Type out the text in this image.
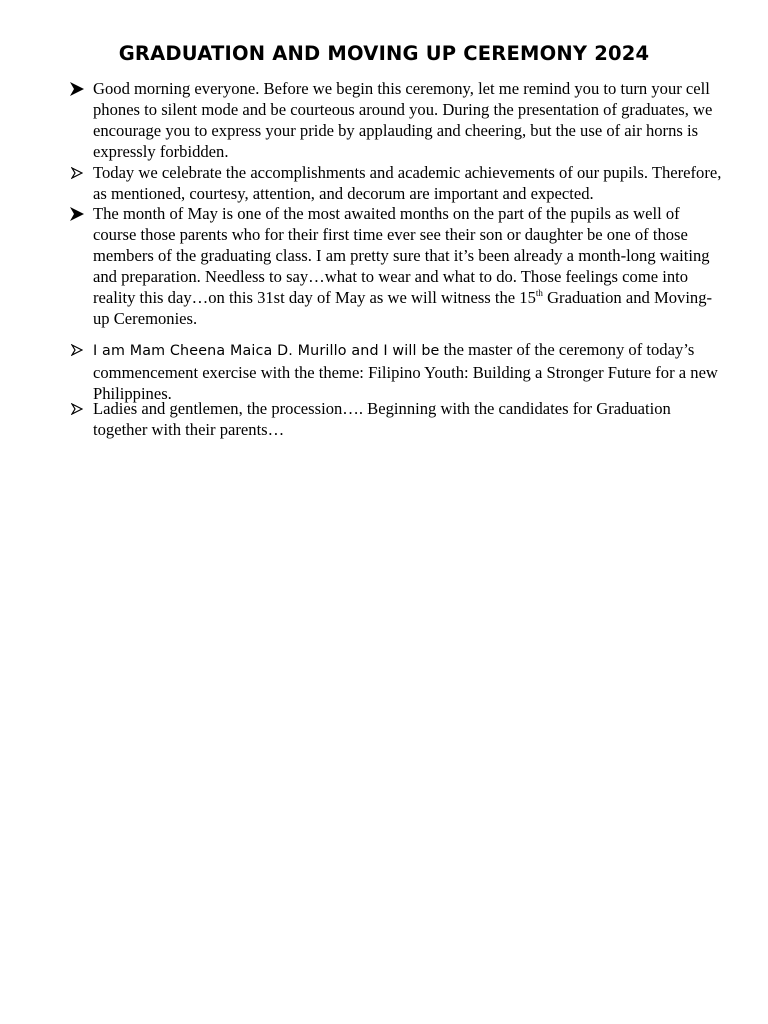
GRADUATION AND MOVING UP CEREMONY 2024
Good morning everyone. Before we begin this ceremony, let me remind you to turn your cell phones to silent mode and be courteous around you. During the presentation of graduates, we encourage you to express your pride by applauding and cheering, but the use of air horns is expressly forbidden.
Today we celebrate the accomplishments and academic achievements of our pupils. Therefore, as mentioned, courtesy, attention, and decorum are important and expected.
The month of May is one of the most awaited months on the part of the pupils as well of course those parents who for their first time ever see their son or daughter be one of those members of the graduating class. I am pretty sure that it’s been already a month-long waiting and preparation. Needless to say…what to wear and what to do. Those feelings come into reality this day…on this 31st day of May as we will witness the 15th Graduation and Moving-up Ceremonies.
I am Mam Cheena Maica D. Murillo and I will be the master of the ceremony of today’s commencement exercise with the theme: Filipino Youth: Building a Stronger Future for a new Philippines.
Ladies and gentlemen, the procession…. Beginning with the candidates for Graduation together with their parents…
